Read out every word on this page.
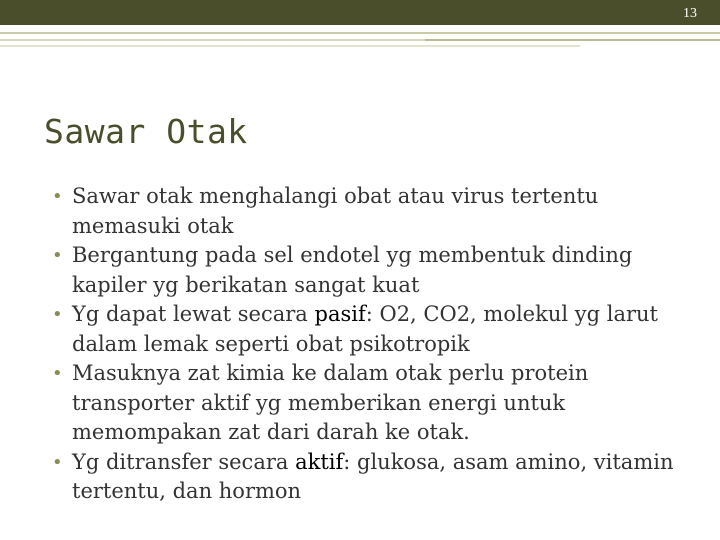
13
Sawar Otak
• Sawar otak menghalangi obat atau virus tertentu memasuki otak
• Bergantung pada sel endotel yg membentuk dinding kapiler yg berikatan sangat kuat
• Yg dapat lewat secara pasif: O2, CO2, molekul yg larut dalam lemak seperti obat psikotropik
• Masuknya zat kimia ke dalam otak perlu protein transporter aktif yg memberikan energi untuk memompakan zat dari darah ke otak.
• Yg ditransfer secara aktif: glukosa, asam amino, vitamin tertentu, dan hormon
